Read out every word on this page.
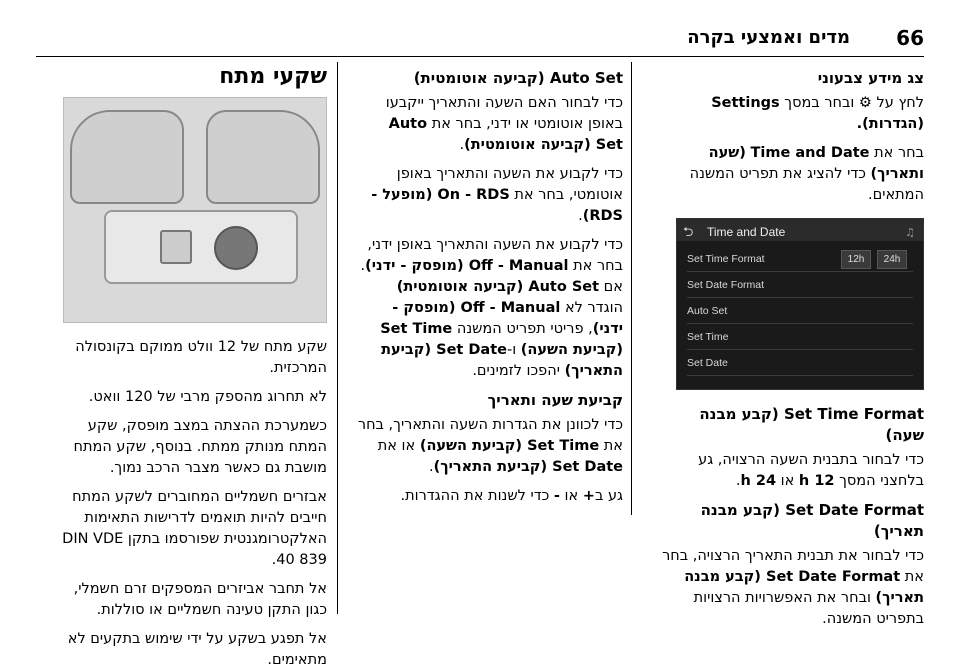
66
מדים ואמצעי בקרה

צג מידע צבעוני

לחץ על ⚙ ובחר במסך Settings (הגדרות).

בחר את Time and Date (שעה ותאריך) כדי להציג את תפריט המשנה המתאים.

⮌ Time and Date	♫
Set Time Format	12h	24h
Set Date Format
Auto Set
Set Time
Set Date

Set Time Format (קבע מבנה שעה)

כדי לבחור בתבנית השעה הרצויה, גע בלחצני המסך 12 h או 24 h.

Set Date Format (קבע מבנה תאריך)

כדי לבחור את תבנית התאריך הרצויה, בחר את Set Date Format (קבע מבנה תאריך) ובחר את האפשרויות הרצויות בתפריט המשנה.

Auto Set (קביעה אוטומטית)

כדי לבחור האם השעה והתאריך ייקבעו באופן אוטומטי או ידני, בחר את Auto Set (קביעה אוטומטית).

כדי לקבוע את השעה והתאריך באופן אוטומטי, בחר את On - RDS (מופעל - RDS).

כדי לקבוע את השעה והתאריך באופן ידני, בחר את Off - Manual (מופסק - ידני). אם Auto Set (קביעה אוטומטית) הוגדר לא Off - Manual (מופסק - ידני), פריטי תפריט המשנה Set Time (קביעת השעה) ו-Set Date (קביעת התאריך) יהפכו לזמינים.

קביעת שעה ותאריך

כדי לכוונן את הגדרות השעה והתאריך, בחר את Set Time (קביעת השעה) או את Set Date (קביעת התאריך).

גע ב+ או - כדי לשנות את ההגדרות.

שקעי מתח

שקע מתח של 12 וולט ממוקם בקונסולה המרכזית.

לא תחרוג מהספק מרבי של 120 וואט.

כשמערכת ההצתה במצב מופסק, שקע המתח מנותק ממתח. בנוסף, שקע המתח מושבת גם כאשר מצבר הרכב נמוך.

אבזרים חשמליים המחוברים לשקע המתח חייבים להיות תואמים לדרישות התאימות האלקטרומגנטית שפורסמו בתקן DIN VDE 40 839.

אל תחבר אביזרים המספקים זרם חשמלי, כגון התקן טעינה חשמליים או סוללות.

אל תפגע בשקע על ידי שימוש בתקעים לא מתאימים.
